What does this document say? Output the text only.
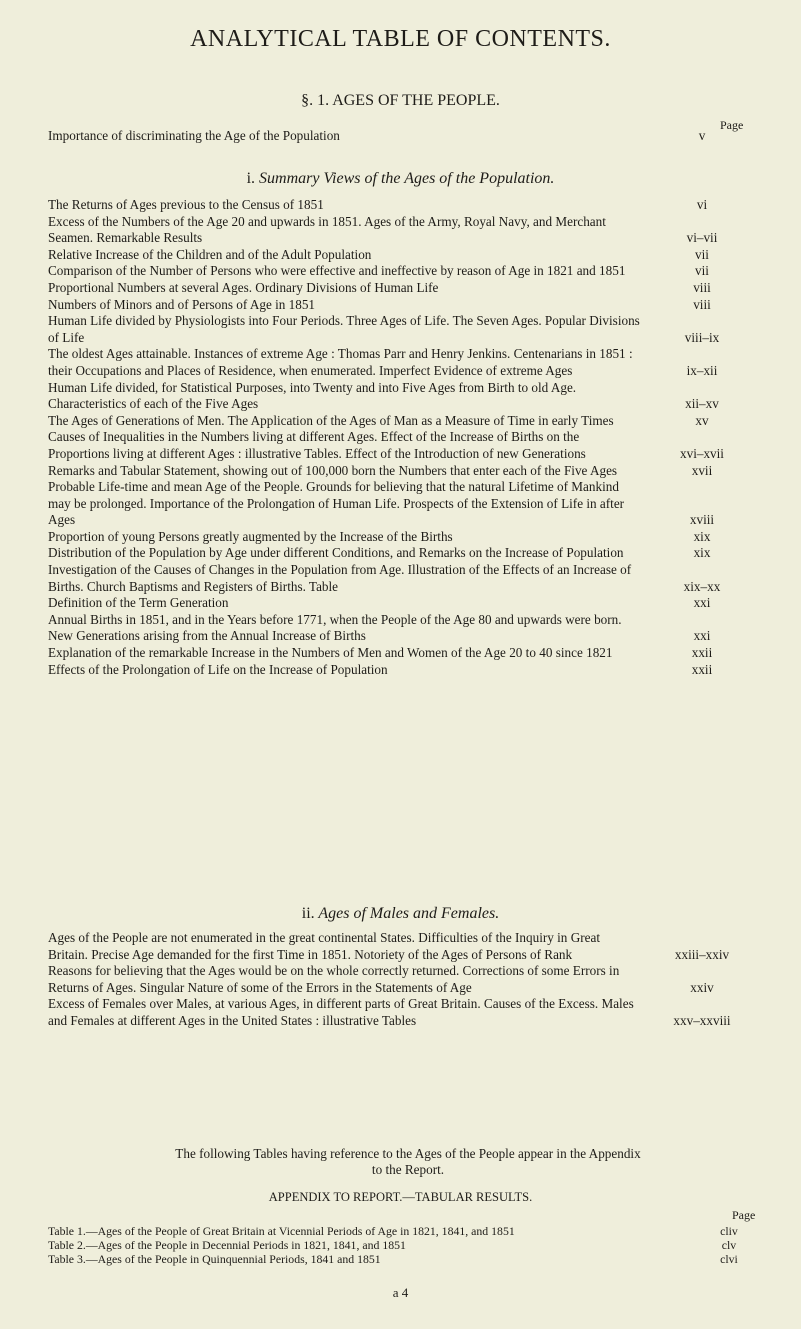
ANALYTICAL TABLE OF CONTENTS.
§. 1. AGES OF THE PEOPLE.
Page
Importance of discriminating the Age of the Population	v
i. Summary Views of the Ages of the Population.
The Returns of Ages previous to the Census of 1851	vi
Excess of the Numbers of the Age 20 and upwards in 1851. Ages of the Army, Royal Navy, and Merchant Seamen. Remarkable Results	vi–vii
Relative Increase of the Children and of the Adult Population	vii
Comparison of the Number of Persons who were effective and ineffective by reason of Age in 1821 and 1851	vii
Proportional Numbers at several Ages. Ordinary Divisions of Human Life	viii
Numbers of Minors and of Persons of Age in 1851	viii
Human Life divided by Physiologists into Four Periods. Three Ages of Life. The Seven Ages. Popular Divisions of Life	viii–ix
The oldest Ages attainable. Instances of extreme Age : Thomas Parr and Henry Jenkins. Centenarians in 1851 : their Occupations and Places of Residence, when enumerated. Imperfect Evidence of extreme Ages	ix–xii
Human Life divided, for Statistical Purposes, into Twenty and into Five Ages from Birth to old Age. Characteristics of each of the Five Ages	xii–xv
The Ages of Generations of Men. The Application of the Ages of Man as a Measure of Time in early Times	xv
Causes of Inequalities in the Numbers living at different Ages. Effect of the Increase of Births on the Proportions living at different Ages : illustrative Tables. Effect of the Introduction of new Generations	xvi–xvii
Remarks and Tabular Statement, showing out of 100,000 born the Numbers that enter each of the Five Ages	xvii
Probable Life-time and mean Age of the People. Grounds for believing that the natural Lifetime of Mankind may be prolonged. Importance of the Prolongation of Human Life. Prospects of the Extension of Life in after Ages	xviii
Proportion of young Persons greatly augmented by the Increase of the Births	xix
Distribution of the Population by Age under different Conditions, and Remarks on the Increase of Population	xix
Investigation of the Causes of Changes in the Population from Age. Illustration of the Effects of an Increase of Births. Church Baptisms and Registers of Births. Table	xix–xx
Definition of the Term Generation	xxi
Annual Births in 1851, and in the Years before 1771, when the People of the Age 80 and upwards were born. New Generations arising from the Annual Increase of Births	xxi
Explanation of the remarkable Increase in the Numbers of Men and Women of the Age 20 to 40 since 1821	xxii
Effects of the Prolongation of Life on the Increase of Population	xxii
ii. Ages of Males and Females.
Ages of the People are not enumerated in the great continental States. Difficulties of the Inquiry in Great Britain. Precise Age demanded for the first Time in 1851. Notoriety of the Ages of Persons of Rank	xxiii–xxiv
Reasons for believing that the Ages would be on the whole correctly returned. Corrections of some Errors in Returns of Ages. Singular Nature of some of the Errors in the Statements of Age	xxiv
Excess of Females over Males, at various Ages, in different parts of Great Britain. Causes of the Excess. Males and Females at different Ages in the United States : illustrative Tables	xxv–xxviii
The following Tables having reference to the Ages of the People appear in the Appendix
to the Report.
APPENDIX TO REPORT.—TABULAR RESULTS.
Page
Table 1.—Ages of the People of Great Britain at Vicennial Periods of Age in 1821, 1841, and 1851	cliv
Table 2.—Ages of the People in Decennial Periods in 1821, 1841, and 1851	clv
Table 3.—Ages of the People in Quinquennial Periods, 1841 and 1851	clvi
a 4
